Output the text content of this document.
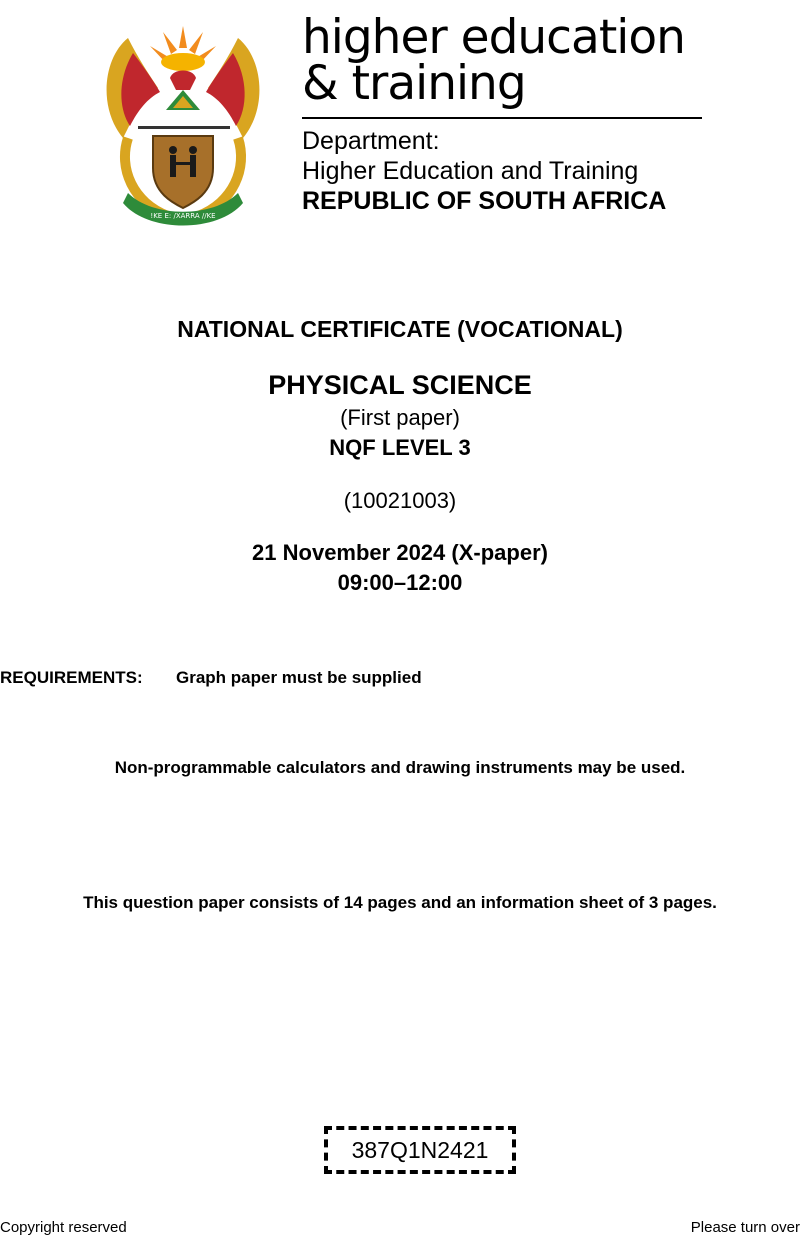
!KE E: /XARRA //KE
higher education
& training
Department:
Higher Education and Training
REPUBLIC OF SOUTH AFRICA
NATIONAL CERTIFICATE (VOCATIONAL)
PHYSICAL SCIENCE
(First paper)
NQF LEVEL 3
(10021003)
21 November 2024 (X-paper)
09:00–12:00
REQUIREMENTS: Graph paper must be supplied
Non-programmable calculators and drawing instruments may be used.
This question paper consists of 14 pages and an information sheet of 3 pages.
387Q1N2421
Copyright reserved	Please turn over
